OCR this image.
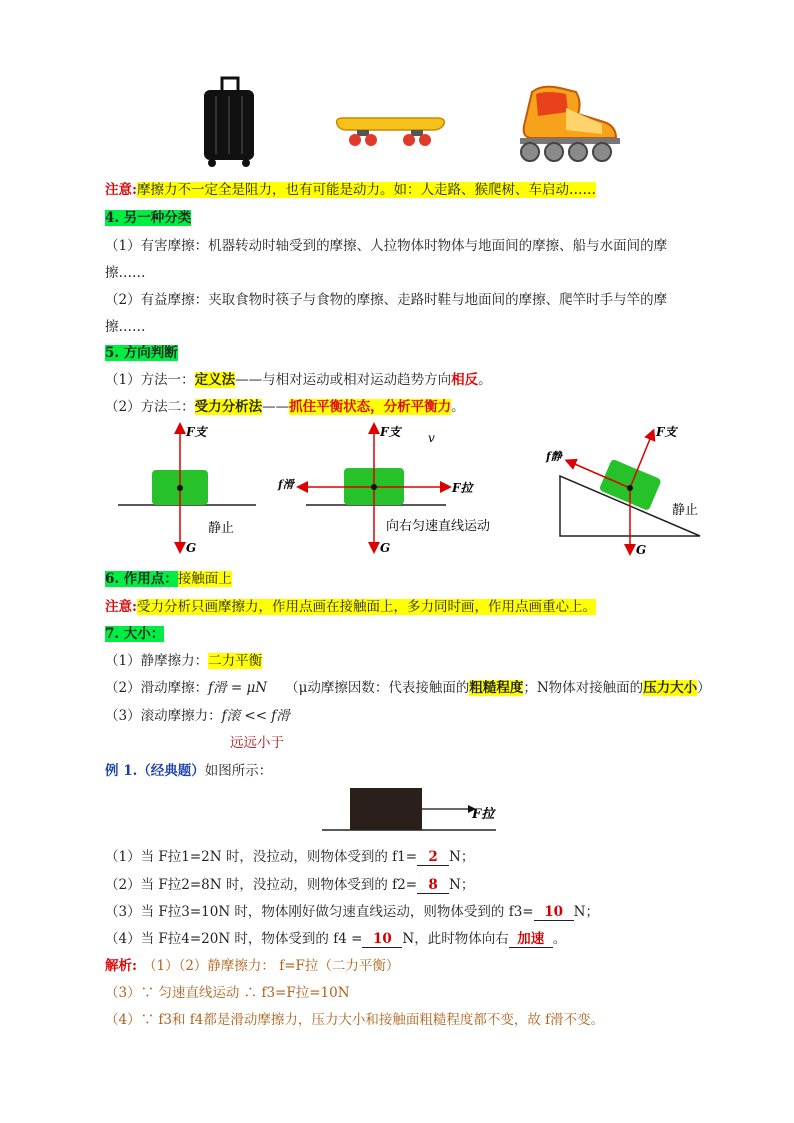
注意:摩擦力不一定全是阻力，也有可能是动力。如：人走路、猴爬树、车启动……
4. 另一种分类
（1）有害摩擦：机器转动时轴受到的摩擦、人拉物体时物体与地面间的摩擦、船与水面间的摩
擦……
（2）有益摩擦：夹取食物时筷子与食物的摩擦、走路时鞋与地面间的摩擦、爬竿时手与竿的摩
擦……
5. 方向判断
（1）方法一：定义法——与相对运动或相对运动趋势方向相反。
（2）方法二：受力分析法——抓住平衡状态，分析平衡力。
F支
G
静止
F支 v
f滑	F拉
G
向右匀速直线运动
F支
f静
G
静止
6. 作用点：接触面上
注意:受力分析只画摩擦力，作用点画在接触面上，多力同时画，作用点画重心上。
7. 大小：
（1）静摩擦力：二力平衡
（2）滑动摩擦：f滑 = μN （μ动摩擦因数：代表接触面的粗糙程度；N物体对接触面的压力大小）
（3）滚动摩擦力：f滚 << f滑
远远小于
例 1.（经典题）如图所示：
F拉
（1）当 F拉1=2N 时，没拉动，则物体受到的 f1= 2 N；
（2）当 F拉2=8N 时，没拉动，则物体受到的 f2= 8 N；
（3）当 F拉3=10N 时，物体刚好做匀速直线运动，则物体受到的 f3= 10 N；
（4）当 F拉4=20N 时，物体受到的 f4 = 10 N，此时物体向右 加速 。
解析: （1）（2）静摩擦力： f=F拉（二力平衡）
（3）∵ 匀速直线运动 ∴ f3=F拉=10N
（4）∵ f3和 f4都是滑动摩擦力，压力大小和接触面粗糙程度都不变，故 f滑不变。
